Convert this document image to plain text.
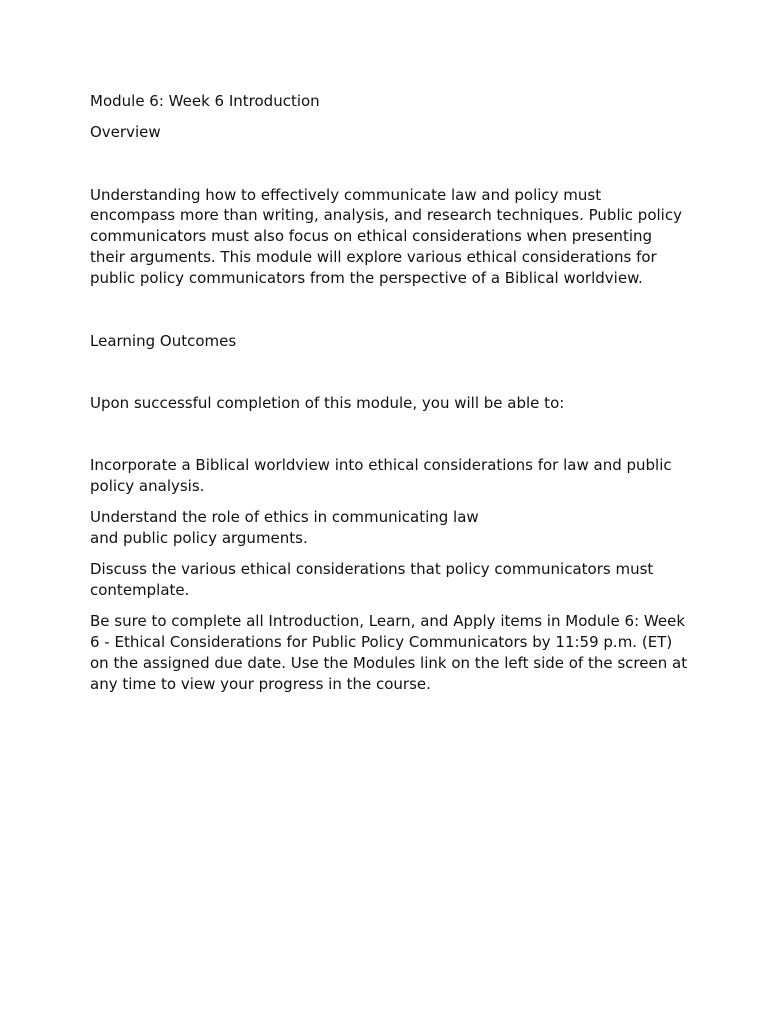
Module 6: Week 6 Introduction

Overview

Understanding how to effectively communicate law and policy must encompass more than writing, analysis, and research techniques. Public policy communicators must also focus on ethical considerations when presenting their arguments. This module will explore various ethical considerations for public policy communicators from the perspective of a Biblical worldview.

Learning Outcomes

Upon successful completion of this module, you will be able to:

Incorporate a Biblical worldview into ethical considerations for law and public policy analysis.

Understand the role of ethics in communicating law
and public policy arguments.

Discuss the various ethical considerations that policy communicators must contemplate.

Be sure to complete all Introduction, Learn, and Apply items in Module 6: Week 6 - Ethical Considerations for Public Policy Communicators by 11:59 p.m. (ET) on the assigned due date. Use the Modules link on the left side of the screen at any time to view your progress in the course.
